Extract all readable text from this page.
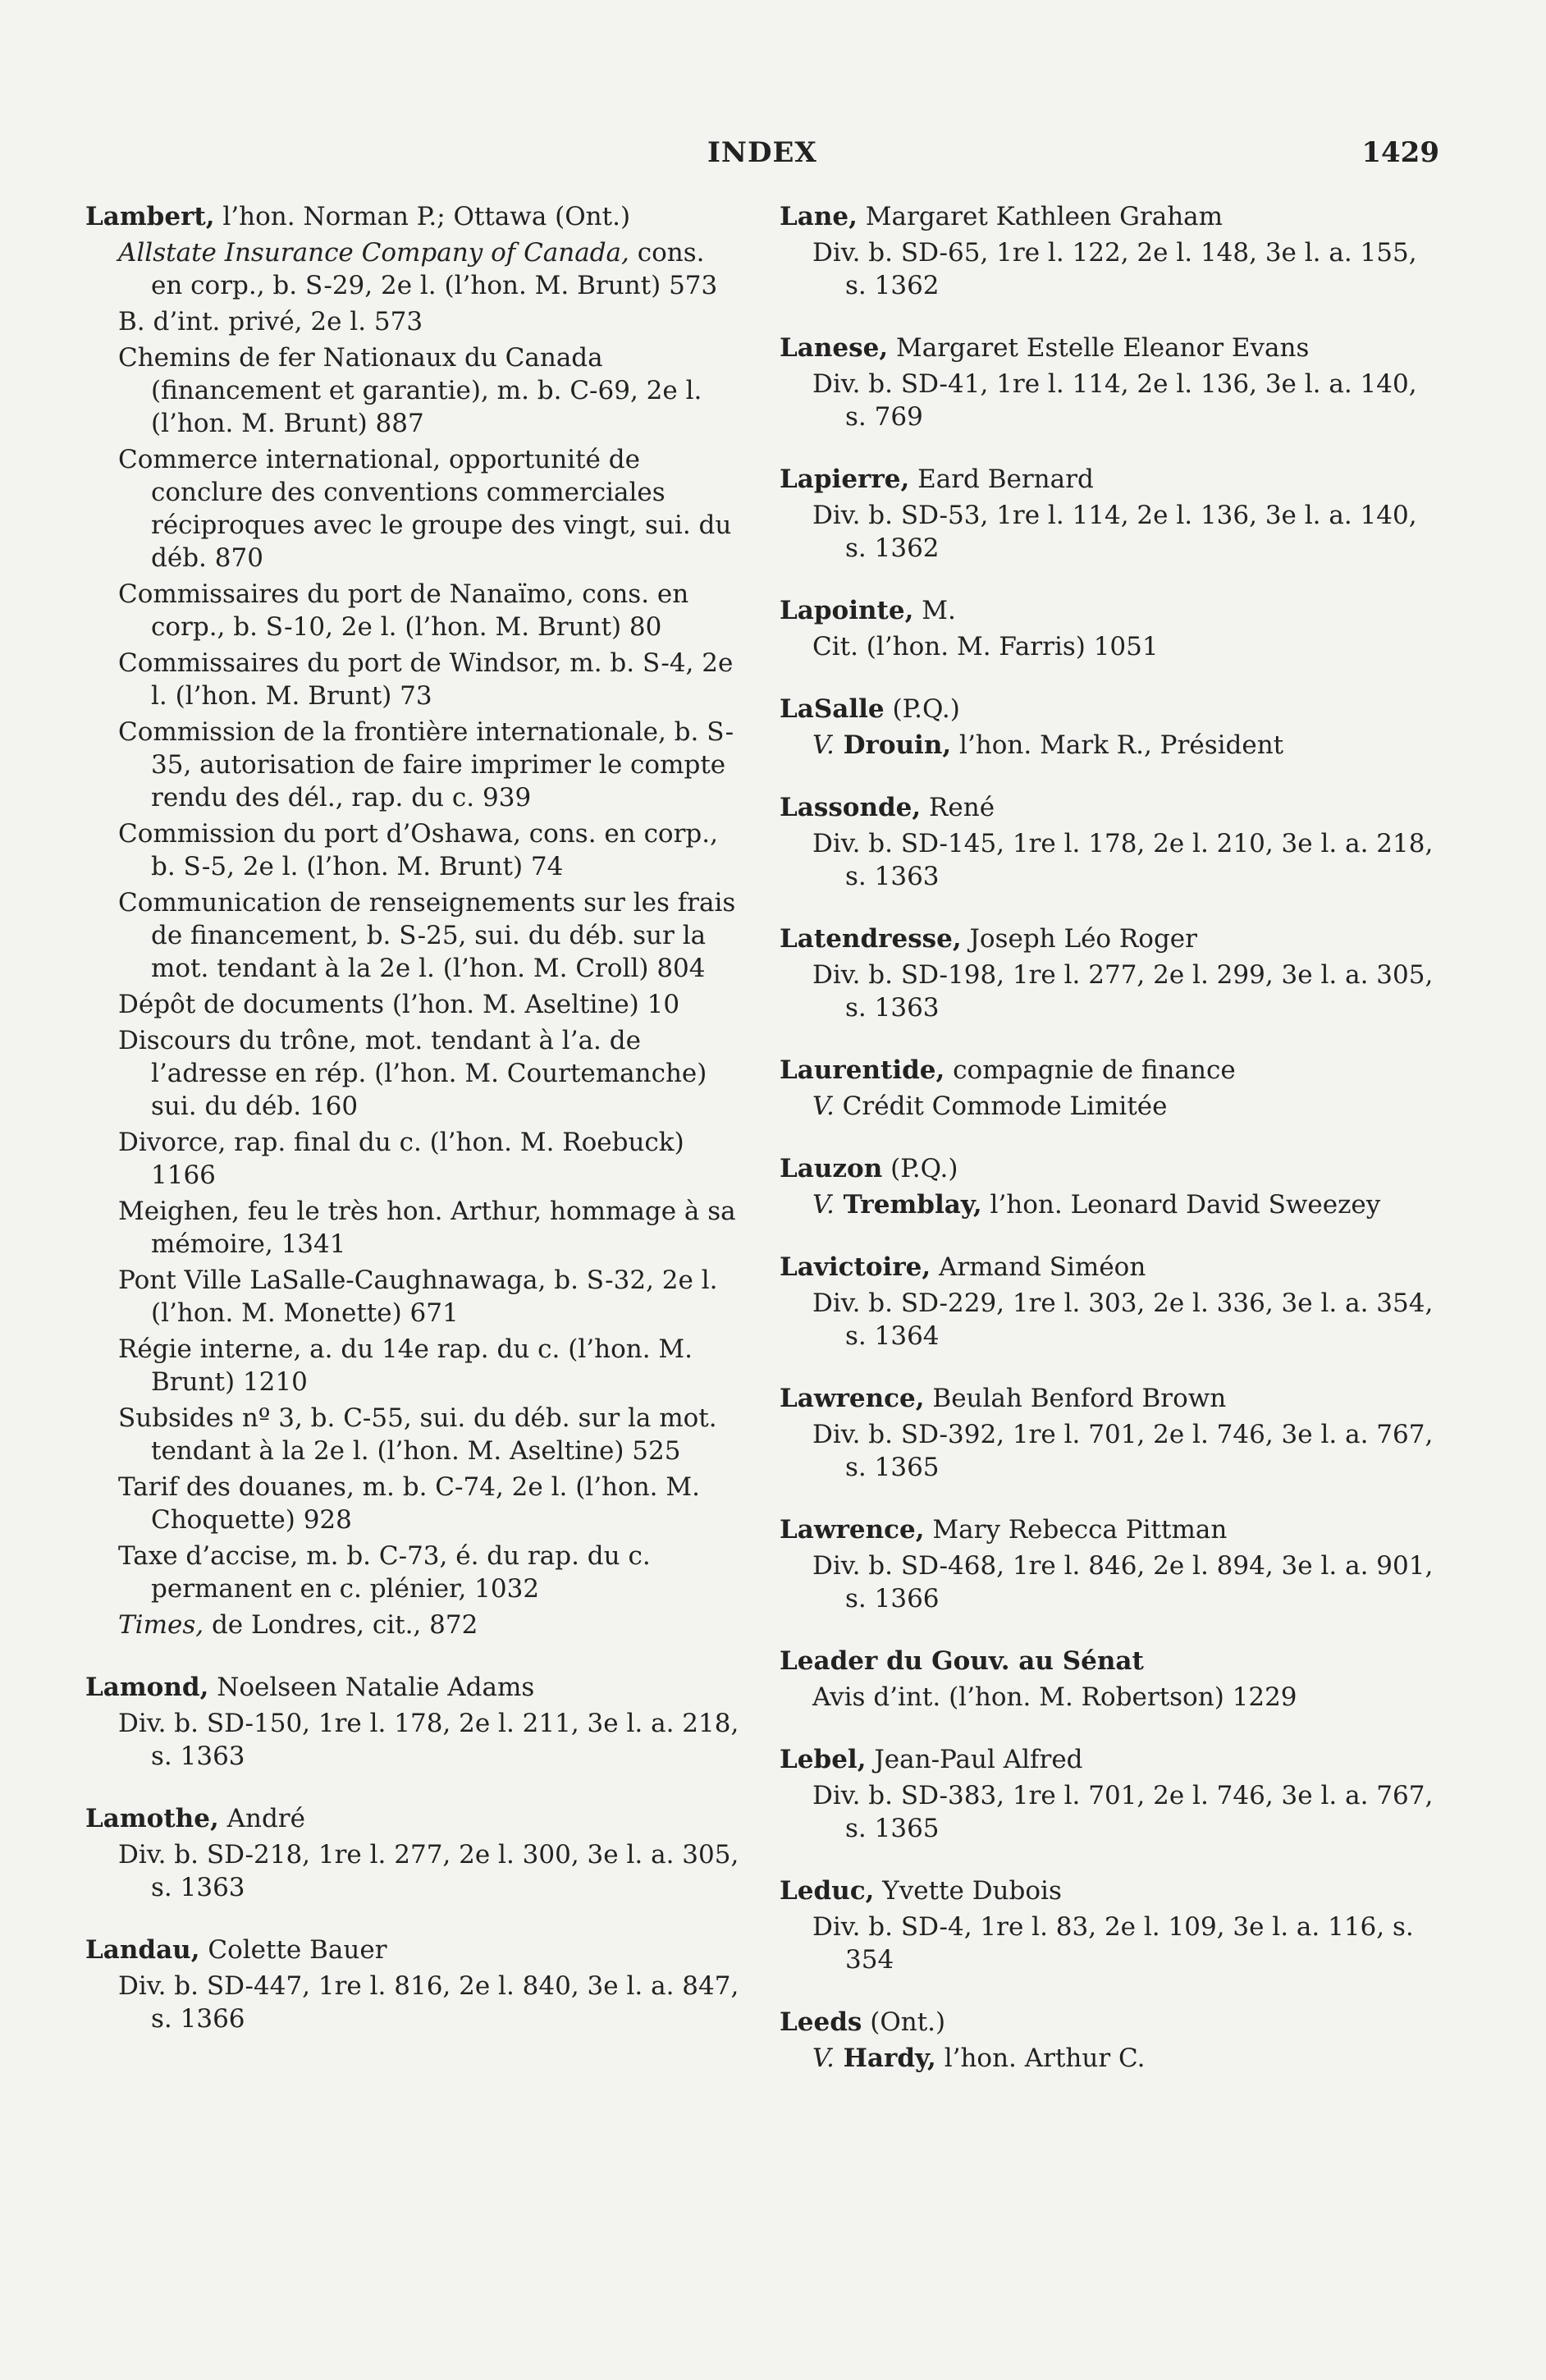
INDEX	1429
Lambert, l’hon. Norman P.; Ottawa (Ont.)
Allstate Insurance Company of Canada, cons. en corp., b. S-29, 2e l. (l’hon. M. Brunt) 573
B. d’int. privé, 2e l. 573
Chemins de fer Nationaux du Canada (financement et garantie), m. b. C-69, 2e l. (l’hon. M. Brunt) 887
Commerce international, opportunité de conclure des conventions commerciales réciproques avec le groupe des vingt, sui. du déb. 870
Commissaires du port de Nanaïmo, cons. en corp., b. S-10, 2e l. (l’hon. M. Brunt) 80
Commissaires du port de Windsor, m. b. S-4, 2e l. (l’hon. M. Brunt) 73
Commission de la frontière internationale, b. S-35, autorisation de faire imprimer le compte rendu des dél., rap. du c. 939
Commission du port d’Oshawa, cons. en corp., b. S-5, 2e l. (l’hon. M. Brunt) 74
Communication de renseignements sur les frais de financement, b. S-25, sui. du déb. sur la mot. tendant à la 2e l. (l’hon. M. Croll) 804
Dépôt de documents (l’hon. M. Aseltine) 10
Discours du trône, mot. tendant à l’a. de l’adresse en rép. (l’hon. M. Courtemanche) sui. du déb. 160
Divorce, rap. final du c. (l’hon. M. Roebuck) 1166
Meighen, feu le très hon. Arthur, hommage à sa mémoire, 1341
Pont Ville LaSalle-Caughnawaga, b. S-32, 2e l. (l’hon. M. Monette) 671
Régie interne, a. du 14e rap. du c. (l’hon. M. Brunt) 1210
Subsides nº 3, b. C-55, sui. du déb. sur la mot. tendant à la 2e l. (l’hon. M. Aseltine) 525
Tarif des douanes, m. b. C-74, 2e l. (l’hon. M. Choquette) 928
Taxe d’accise, m. b. C-73, é. du rap. du c. permanent en c. plénier, 1032
Times, de Londres, cit., 872
Lamond, Noelseen Natalie Adams
Div. b. SD-150, 1re l. 178, 2e l. 211, 3e l. a. 218, s. 1363
Lamothe, André
Div. b. SD-218, 1re l. 277, 2e l. 300, 3e l. a. 305, s. 1363
Landau, Colette Bauer
Div. b. SD-447, 1re l. 816, 2e l. 840, 3e l. a. 847, s. 1366
Lane, Margaret Kathleen Graham
Div. b. SD-65, 1re l. 122, 2e l. 148, 3e l. a. 155, s. 1362
Lanese, Margaret Estelle Eleanor Evans
Div. b. SD-41, 1re l. 114, 2e l. 136, 3e l. a. 140, s. 769
Lapierre, Eard Bernard
Div. b. SD-53, 1re l. 114, 2e l. 136, 3e l. a. 140, s. 1362
Lapointe, M.
Cit. (l’hon. M. Farris) 1051
LaSalle (P.Q.)
V. Drouin, l’hon. Mark R., Président
Lassonde, René
Div. b. SD-145, 1re l. 178, 2e l. 210, 3e l. a. 218, s. 1363
Latendresse, Joseph Léo Roger
Div. b. SD-198, 1re l. 277, 2e l. 299, 3e l. a. 305, s. 1363
Laurentide, compagnie de finance
V. Crédit Commode Limitée
Lauzon (P.Q.)
V. Tremblay, l’hon. Leonard David Sweezey
Lavictoire, Armand Siméon
Div. b. SD-229, 1re l. 303, 2e l. 336, 3e l. a. 354, s. 1364
Lawrence, Beulah Benford Brown
Div. b. SD-392, 1re l. 701, 2e l. 746, 3e l. a. 767, s. 1365
Lawrence, Mary Rebecca Pittman
Div. b. SD-468, 1re l. 846, 2e l. 894, 3e l. a. 901, s. 1366
Leader du Gouv. au Sénat
Avis d’int. (l’hon. M. Robertson) 1229
Lebel, Jean-Paul Alfred
Div. b. SD-383, 1re l. 701, 2e l. 746, 3e l. a. 767, s. 1365
Leduc, Yvette Dubois
Div. b. SD-4, 1re l. 83, 2e l. 109, 3e l. a. 116, s. 354
Leeds (Ont.)
V. Hardy, l’hon. Arthur C.
